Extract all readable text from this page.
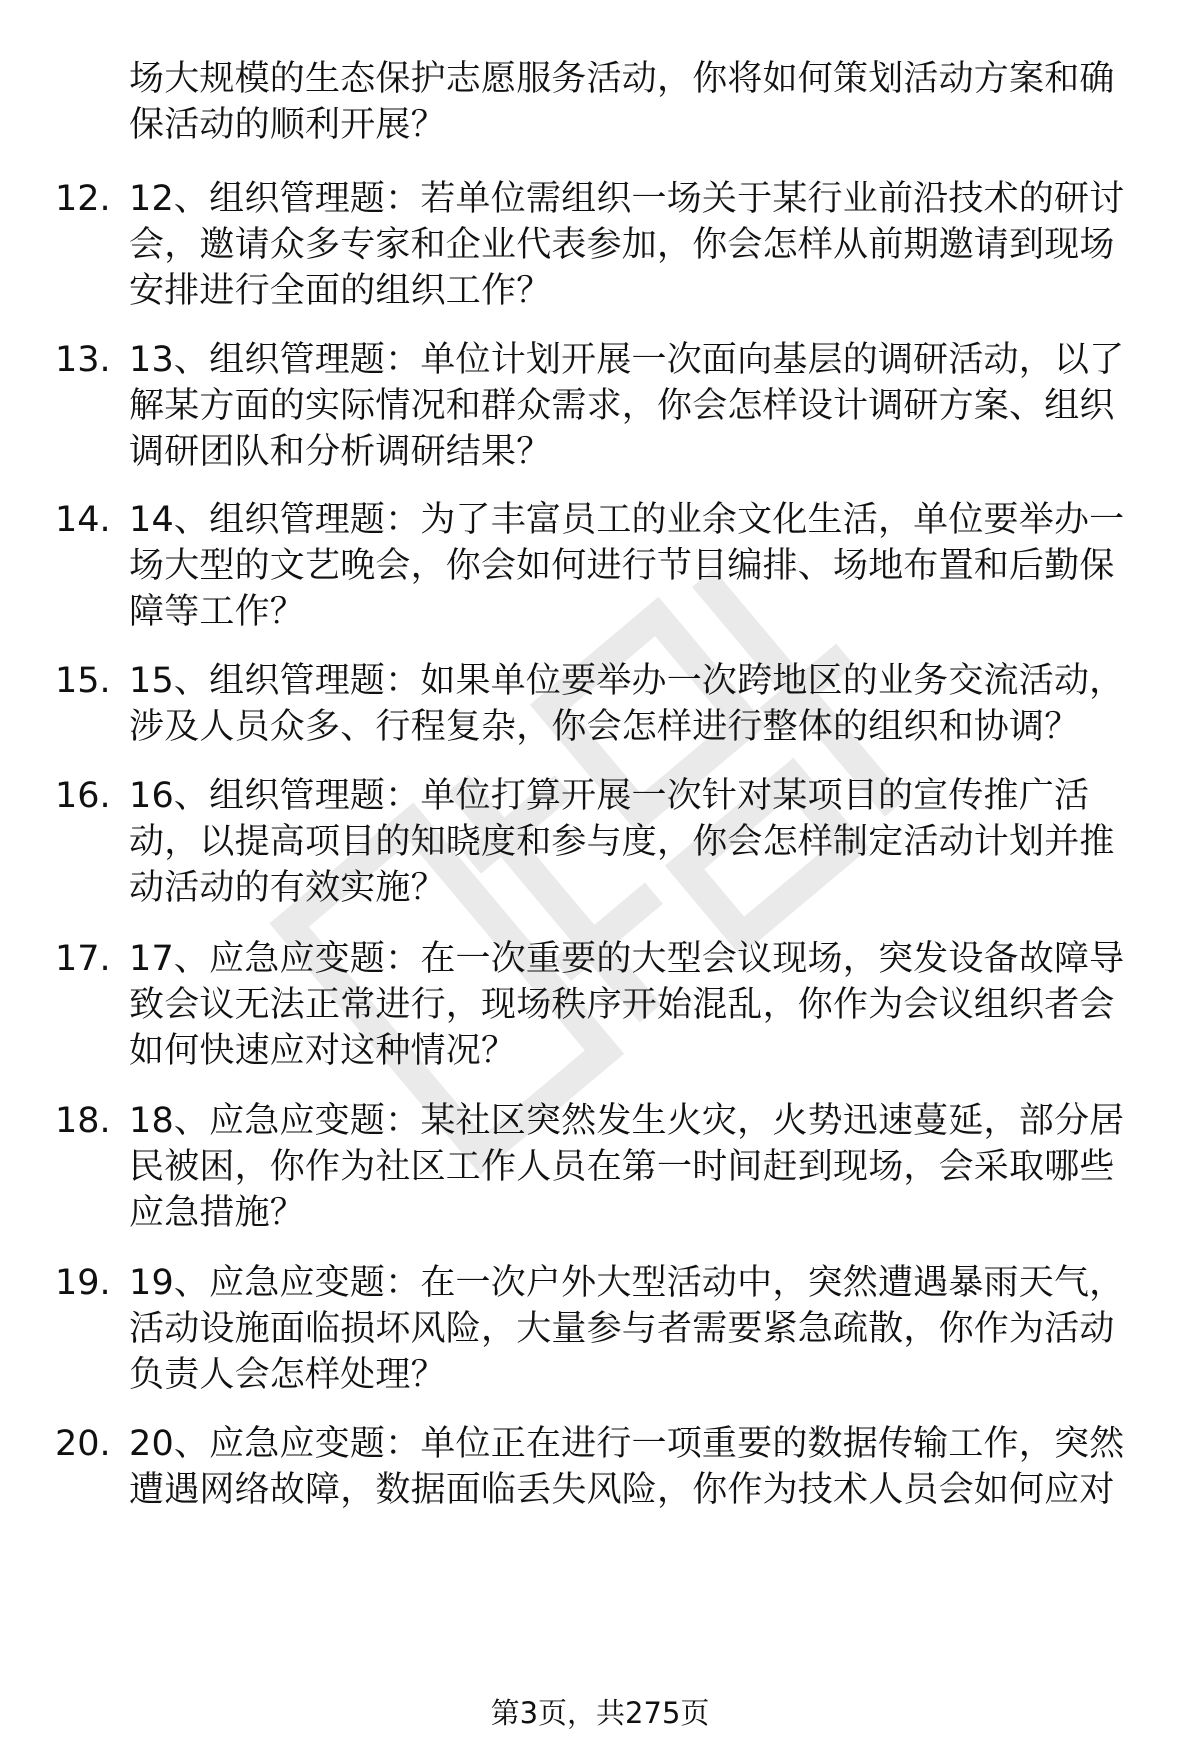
场大规模的生态保护志愿服务活动，你将如何策划活动方案和确
保活动的顺利开展？
12. 12、组织管理题：若单位需组织一场关于某行业前沿技术的研讨
会，邀请众多专家和企业代表参加，你会怎样从前期邀请到现场
安排进行全面的组织工作？
13. 13、组织管理题：单位计划开展一次面向基层的调研活动，以了
解某方面的实际情况和群众需求，你会怎样设计调研方案、组织
调研团队和分析调研结果？
14. 14、组织管理题：为了丰富员工的业余文化生活，单位要举办一
场大型的文艺晚会，你会如何进行节目编排、场地布置和后勤保
障等工作？
15. 15、组织管理题：如果单位要举办一次跨地区的业务交流活动，
涉及人员众多、行程复杂，你会怎样进行整体的组织和协调？
16. 16、组织管理题：单位打算开展一次针对某项目的宣传推广活
动，以提高项目的知晓度和参与度，你会怎样制定活动计划并推
动活动的有效实施？
17. 17、应急应变题：在一次重要的大型会议现场，突发设备故障导
致会议无法正常进行，现场秩序开始混乱，你作为会议组织者会
如何快速应对这种情况？
18. 18、应急应变题：某社区突然发生火灾，火势迅速蔓延，部分居
民被困，你作为社区工作人员在第一时间赶到现场，会采取哪些
应急措施？
19. 19、应急应变题：在一次户外大型活动中，突然遭遇暴雨天气，
活动设施面临损坏风险，大量参与者需要紧急疏散，你作为活动
负责人会怎样处理？
20. 20、应急应变题：单位正在进行一项重要的数据传输工作，突然
遭遇网络故障，数据面临丢失风险，你作为技术人员会如何应对
第3页，共275页
